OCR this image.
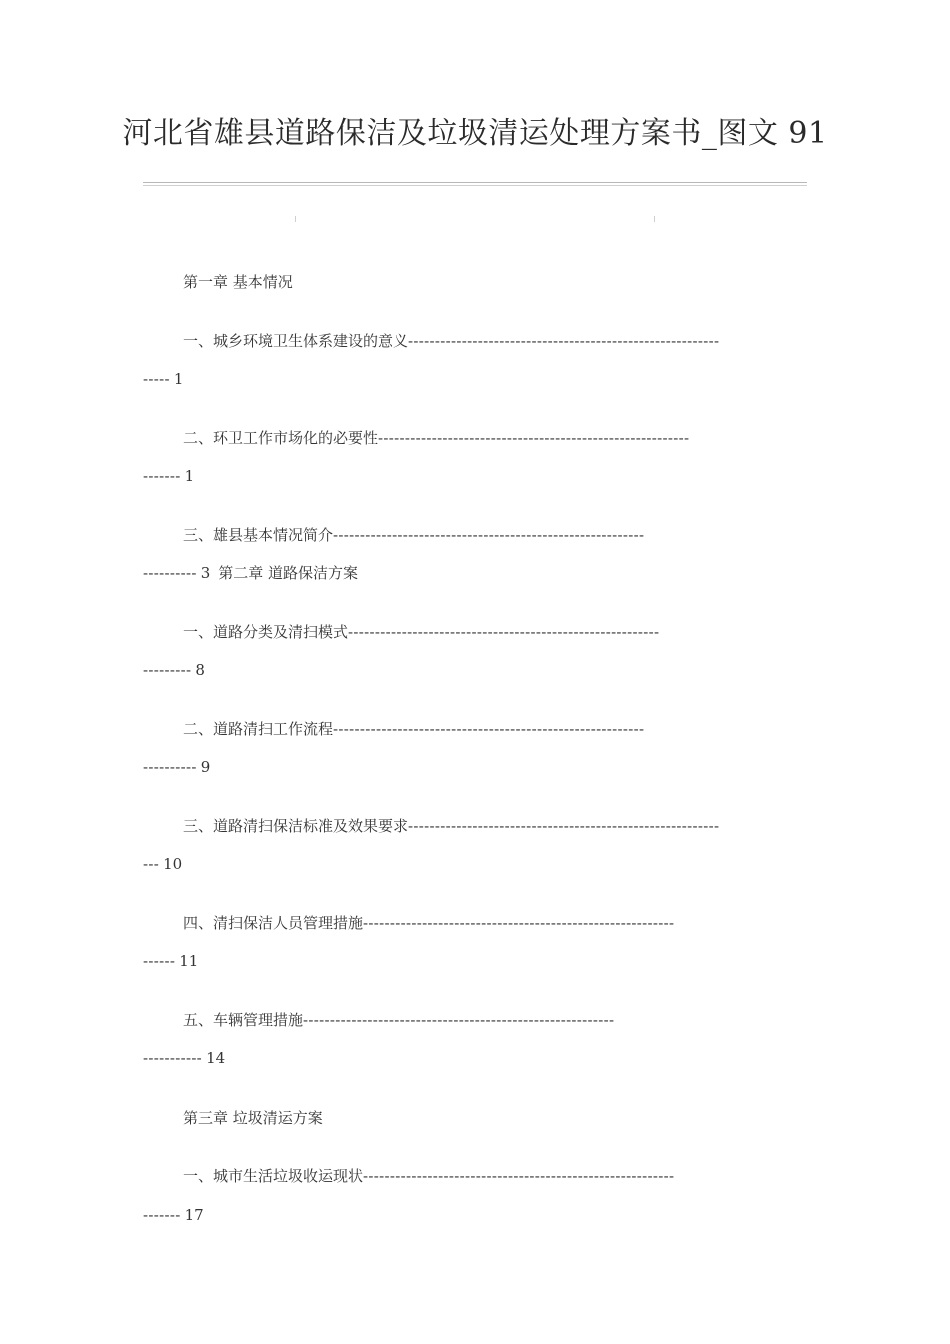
河北省雄县道路保洁及垃圾清运处理方案书_图文 91
第一章 基本情况
一、城乡环境卫生体系建设的意义----------------------------------------------------------
----- 1
二、环卫工作市场化的必要性----------------------------------------------------------
------- 1
三、雄县基本情况简介----------------------------------------------------------
---------- 3 第二章 道路保洁方案
一、道路分类及清扫模式----------------------------------------------------------
--------- 8
二、道路清扫工作流程----------------------------------------------------------
---------- 9
三、道路清扫保洁标准及效果要求----------------------------------------------------------
--- 10
四、清扫保洁人员管理措施----------------------------------------------------------
------ 11
五、车辆管理措施----------------------------------------------------------
----------- 14
第三章 垃圾清运方案
一、城市生活垃圾收运现状----------------------------------------------------------
------- 17
